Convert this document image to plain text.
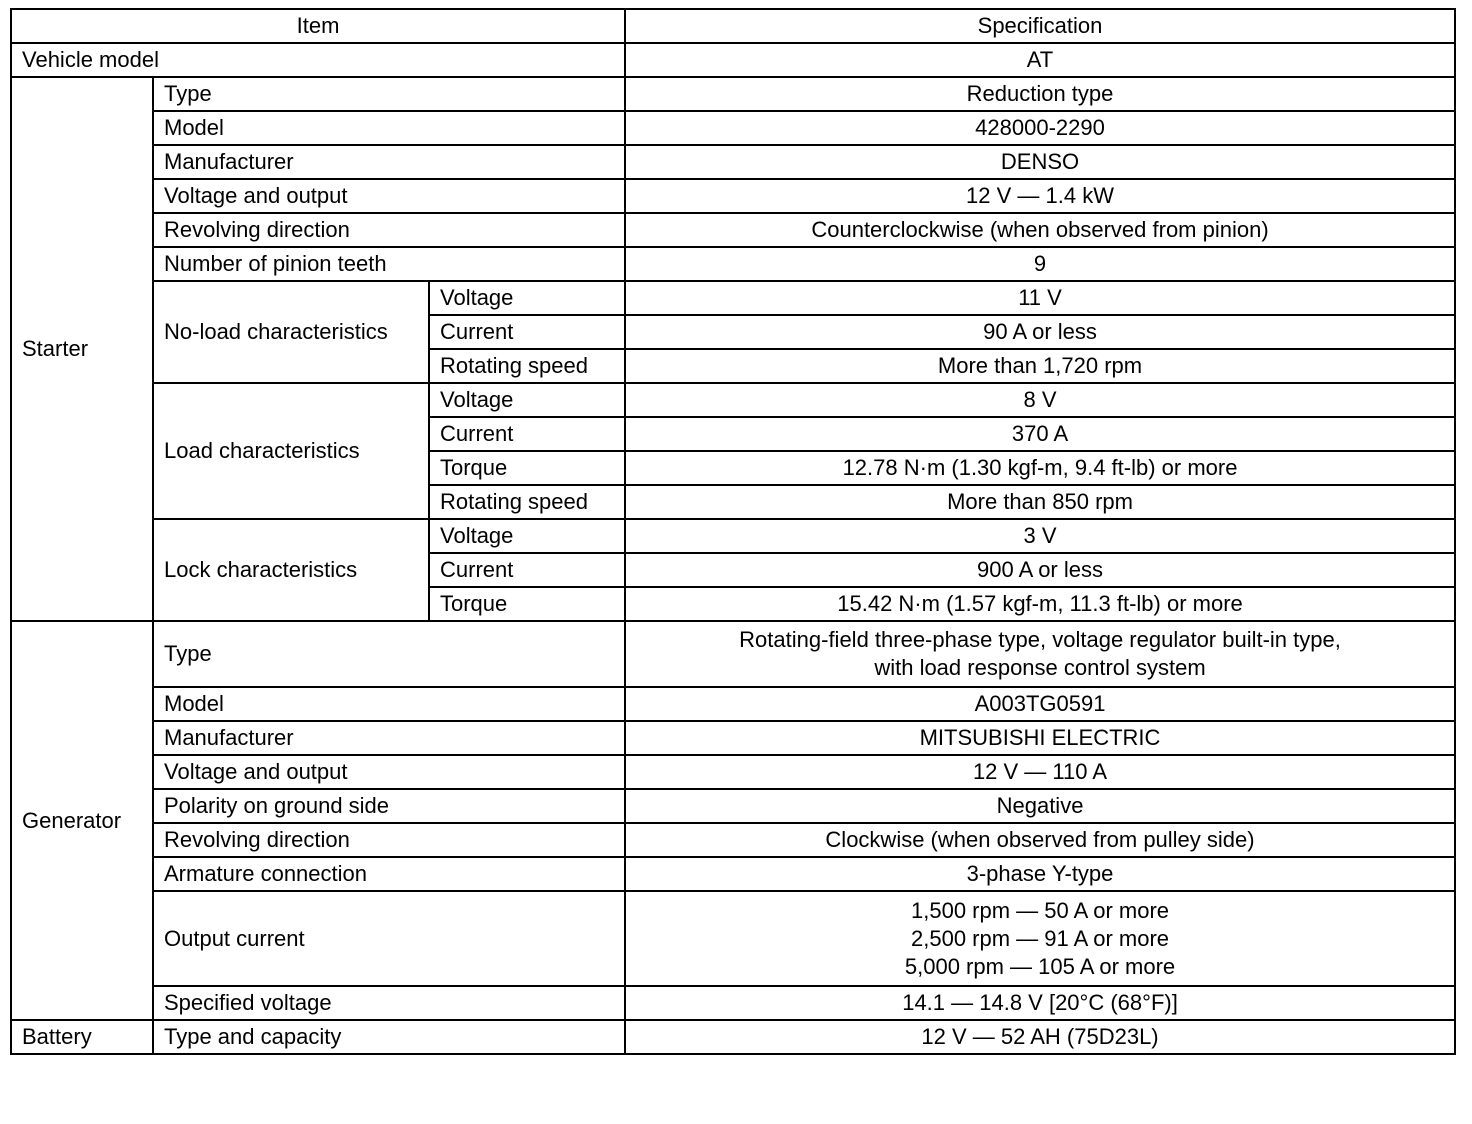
Item			Specification
Vehicle model			AT
Starter	Type		Reduction type
	Model		428000-2290
	Manufacturer		DENSO
	Voltage and output		12 V — 1.4 kW
	Revolving direction		Counterclockwise (when observed from pinion)
	Number of pinion teeth		9
	No-load characteristics	Voltage	11 V
		Current	90 A or less
		Rotating speed	More than 1,720 rpm
	Load characteristics	Voltage	8 V
		Current	370 A
		Torque	12.78 N·m (1.30 kgf-m, 9.4 ft-lb) or more
		Rotating speed	More than 850 rpm
	Lock characteristics	Voltage	3 V
		Current	900 A or less
		Torque	15.42 N·m (1.57 kgf-m, 11.3 ft-lb) or more
Generator	Type		Rotating-field three-phase type, voltage regulator built-in type,
with load response control system

	Model		A003TG0591
	Manufacturer		MITSUBISHI ELECTRIC
	Voltage and output		12 V — 110 A
	Polarity on ground side		Negative
	Revolving direction		Clockwise (when observed from pulley side)
	Armature connection		3-phase Y-type
	Output current		1,500 rpm — 50 A or more
2,500 rpm — 91 A or more
5,000 rpm — 105 A or more

	Specified voltage		14.1 — 14.8 V [20°C (68°F)]
Battery	Type and capacity		12 V — 52 AH (75D23L)
